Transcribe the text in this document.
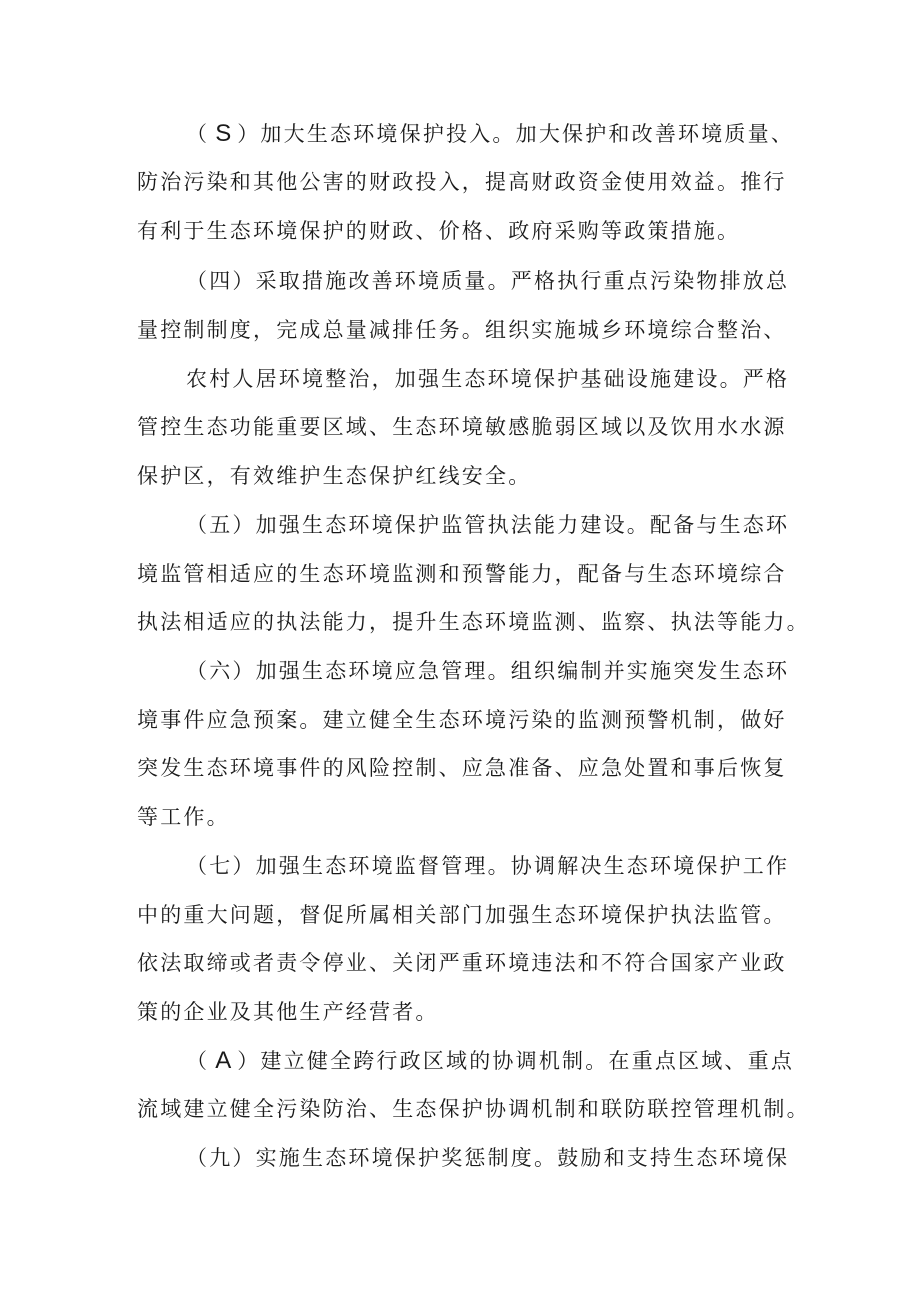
（ S ）加大生态环境保护投入。加大保护和改善环境质量、
防治污染和其他公害的财政投入，提高财政资金使用效益。推行
有利于生态环境保护的财政、价格、政府采购等政策措施。
（四）采取措施改善环境质量。严格执行重点污染物排放总
量控制制度，完成总量减排任务。组织实施城乡环境综合整治、
农村人居环境整治，加强生态环境保护基础设施建设。严格
管控生态功能重要区域、生态环境敏感脆弱区域以及饮用水水源
保护区，有效维护生态保护红线安全。
（五）加强生态环境保护监管执法能力建设。配备与生态环
境监管相适应的生态环境监测和预警能力，配备与生态环境综合
执法相适应的执法能力，提升生态环境监测、监察、执法等能力。
（六）加强生态环境应急管理。组织编制并实施突发生态环
境事件应急预案。建立健全生态环境污染的监测预警机制，做好
突发生态环境事件的风险控制、应急准备、应急处置和事后恢复
等工作。
（七）加强生态环境监督管理。协调解决生态环境保护工作
中的重大问题，督促所属相关部门加强生态环境保护执法监管。
依法取缔或者责令停业、关闭严重环境违法和不符合国家产业政
策的企业及其他生产经营者。
（ A ）建立健全跨行政区域的协调机制。在重点区域、重点
流域建立健全污染防治、生态保护协调机制和联防联控管理机制。
（九）实施生态环境保护奖惩制度。鼓励和支持生态环境保
